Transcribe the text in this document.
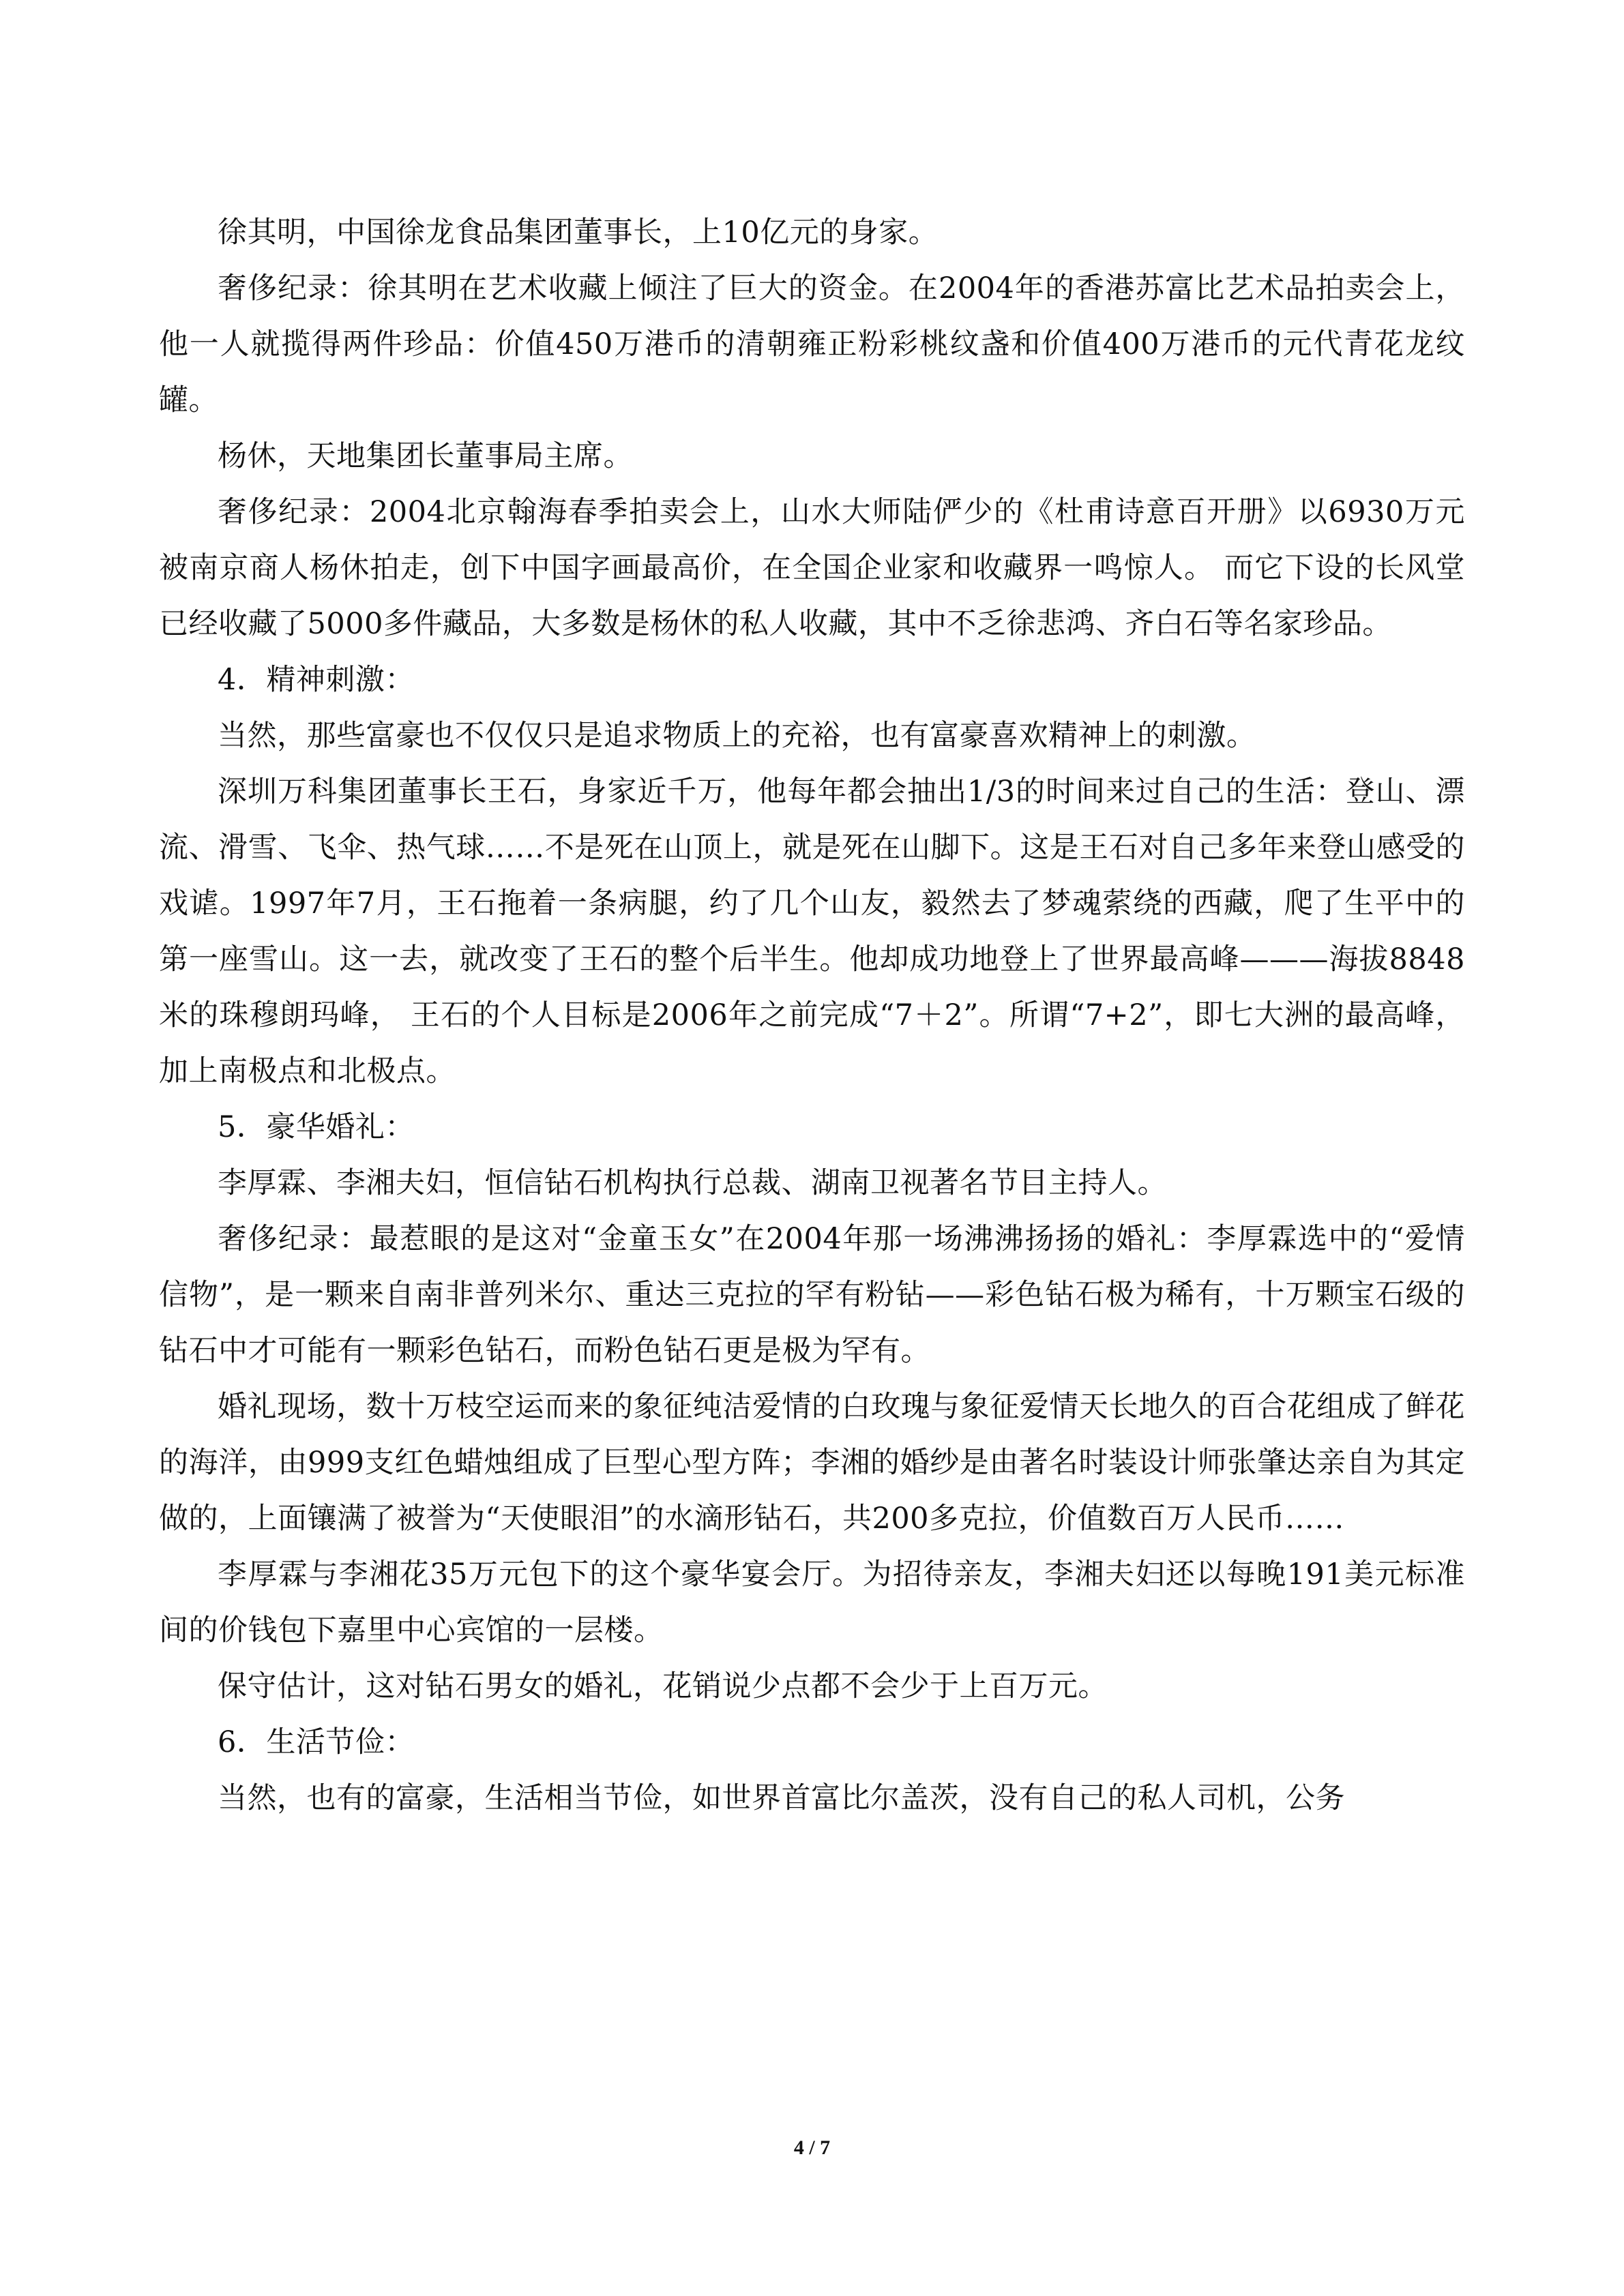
徐其明，中国徐龙食品集团董事长，上10亿元的身家。

奢侈纪录：徐其明在艺术收藏上倾注了巨大的资金。在2004年的香港苏富比艺术品拍卖会上，他一人就揽得两件珍品：价值450万港币的清朝雍正粉彩桃纹盏和价值400万港币的元代青花龙纹罐。

杨休，天地集团长董事局主席。

奢侈纪录：2004北京翰海春季拍卖会上，山水大师陆俨少的《杜甫诗意百开册》以6930万元被南京商人杨休拍走，创下中国字画最高价，在全国企业家和收藏界一鸣惊人。 而它下设的长风堂已经收藏了5000多件藏品，大多数是杨休的私人收藏，其中不乏徐悲鸿、齐白石等名家珍品。

4．精神刺激：

当然，那些富豪也不仅仅只是追求物质上的充裕，也有富豪喜欢精神上的刺激。

深圳万科集团董事长王石，身家近千万，他每年都会抽出1/3的时间来过自己的生活：登山、漂流、滑雪、飞伞、热气球……不是死在山顶上，就是死在山脚下。这是王石对自己多年来登山感受的戏谑。1997年7月，王石拖着一条病腿，约了几个山友，毅然去了梦魂萦绕的西藏，爬了生平中的第一座雪山。这一去，就改变了王石的整个后半生。他却成功地登上了世界最高峰———海拔8848米的珠穆朗玛峰， 王石的个人目标是2006年之前完成“7＋2”。所谓“7+2”，即七大洲的最高峰，加上南极点和北极点。

5．豪华婚礼：

李厚霖、李湘夫妇，恒信钻石机构执行总裁、湖南卫视著名节目主持人。

奢侈纪录：最惹眼的是这对“金童玉女”在2004年那一场沸沸扬扬的婚礼：李厚霖选中的“爱情信物”，是一颗来自南非普列米尔、重达三克拉的罕有粉钻——彩色钻石极为稀有，十万颗宝石级的钻石中才可能有一颗彩色钻石，而粉色钻石更是极为罕有。

婚礼现场，数十万枝空运而来的象征纯洁爱情的白玫瑰与象征爱情天长地久的百合花组成了鲜花的海洋，由999支红色蜡烛组成了巨型心型方阵；李湘的婚纱是由著名时装设计师张肇达亲自为其定做的，上面镶满了被誉为“天使眼泪”的水滴形钻石，共200多克拉，价值数百万人民币……

李厚霖与李湘花35万元包下的这个豪华宴会厅。为招待亲友，李湘夫妇还以每晚191美元标准间的价钱包下嘉里中心宾馆的一层楼。

保守估计，这对钻石男女的婚礼，花销说少点都不会少于上百万元。

6．生活节俭：

当然，也有的富豪，生活相当节俭，如世界首富比尔盖茨，没有自己的私人司机，公务

4 / 7
